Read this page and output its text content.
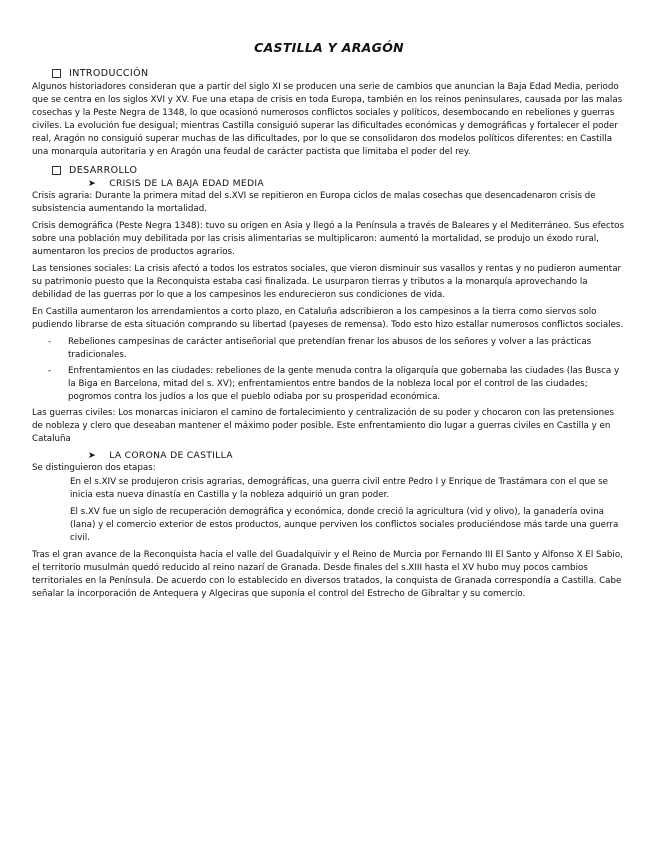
CASTILLA Y ARAGÓN
INTRODUCCIÓN

Algunos historiadores consideran que a partir del siglo XI se producen una serie de cambios que anuncian la Baja Edad Media, periodo que se centra en los siglos XVI y XV. Fue una etapa de crisis en toda Europa, también en los reinos peninsulares, causada por las malas cosechas y la Peste Negra de 1348, lo que ocasionó numerosos conflictos sociales y políticos, desembocando en rebeliones y guerras civiles. La evolución fue desigual; mientras Castilla consiguió superar las dificultades económicas y demográficas y fortalecer el poder real, Aragón no consiguió superar muchas de las dificultades, por lo que se consolidaron dos modelos políticos diferentes: en Castilla una monarquía autoritaria y en Aragón una feudal de carácter pactista que limitaba el poder del rey.

DESARROLLO
➤ CRISIS DE LA BAJA EDAD MEDIA

Crisis agraria: Durante la primera mitad del s.XVI se repitieron en Europa ciclos de malas cosechas que desencadenaron crisis de subsistencia aumentando la mortalidad.

Crisis demográfica (Peste Negra 1348): tuvo su origen en Asia y llegó a la Península a través de Baleares y el Mediterráneo. Sus efectos sobre una población muy debilitada por las crisis alimentarias se multiplicaron: aumentó la mortalidad, se produjo un éxodo rural, aumentaron los precios de productos agrarios.

Las tensiones sociales: La crisis afectó a todos los estratos sociales, que vieron disminuir sus vasallos y rentas y no pudieron aumentar su patrimonio puesto que la Reconquista estaba casi finalizada. Le usurparon tierras y tributos a la monarquía aprovechando la debilidad de las guerras por lo que a los campesinos les endurecieron sus condiciones de vida.

En Castilla aumentaron los arrendamientos a corto plazo, en Cataluña adscribieron a los campesinos a la tierra como siervos solo pudiendo librarse de esta situación comprando su libertad (payeses de remensa). Todo esto hizo estallar numerosos conflictos sociales.

- Rebeliones campesinas de carácter antiseñorial que pretendían frenar los abusos de los señores y volver a las prácticas tradicionales.
- Enfrentamientos en las ciudades: rebeliones de la gente menuda contra la oligarquía que gobernaba las ciudades (las Busca y la Biga en Barcelona, mitad del s. XV); enfrentamientos entre bandos de la nobleza local por el control de las ciudades; pogromos contra los judíos a los que el pueblo odiaba por su prosperidad económica.

Las guerras civiles: Los monarcas iniciaron el camino de fortalecimiento y centralización de su poder y chocaron con las pretensiones de nobleza y clero que deseaban mantener el máximo poder posible. Este enfrentamiento dio lugar a guerras civiles en Castilla y en Cataluña

➤ LA CORONA DE CASTILLA

Se distinguieron dos etapas:

En el s.XIV se produjeron crisis agrarias, demográficas, una guerra civil entre Pedro I y Enrique de Trastámara con el que se inicia esta nueva dinastía en Castilla y la nobleza adquirió un gran poder.

El s.XV fue un siglo de recuperación demográfica y económica, donde creció la agricultura (vid y olivo), la ganadería ovina (lana) y el comercio exterior de estos productos, aunque perviven los conflictos sociales produciéndose más tarde una guerra civil.

Tras el gran avance de la Reconquista hacia el valle del Guadalquivir y el Reino de Murcia por Fernando III El Santo y Alfonso X El Sabio, el territorio musulmán quedó reducido al reino nazarí de Granada. Desde finales del s.XIII hasta el XV hubo muy pocos cambios territoriales en la Península. De acuerdo con lo establecido en diversos tratados, la conquista de Granada correspondía a Castilla. Cabe señalar la incorporación de Antequera y Algeciras que suponía el control del Estrecho de Gibraltar y su comercio.
